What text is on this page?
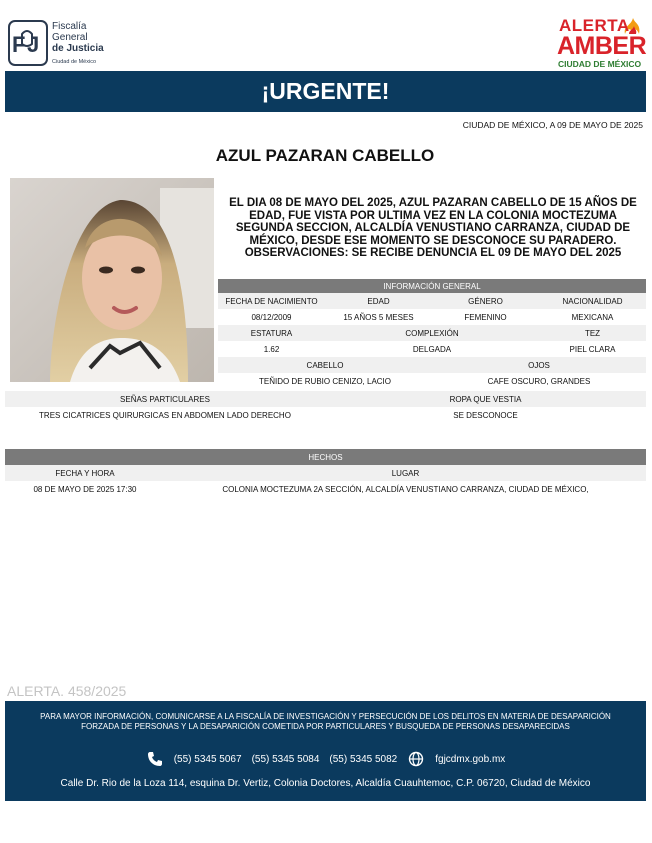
F J
Fiscalía
General
de Justicia
Ciudad de México
ALERTA
AMBER
CIUDAD DE MÉXICO
¡URGENTE!
CIUDAD DE MÉXICO, A 09 DE MAYO DE 2025
AZUL PAZARAN CABELLO
EL DIA 08 DE MAYO DEL 2025, AZUL PAZARAN CABELLO DE 15 AÑOS DE EDAD, FUE VISTA POR ULTIMA VEZ EN LA COLONIA MOCTEZUMA SEGUNDA SECCION, ALCALDÍA VENUSTIANO CARRANZA, CIUDAD DE MÉXICO, DESDE ESE MOMENTO SE DESCONOCE SU PARADERO. OBSERVACIONES: SE RECIBE DENUNCIA EL 09 DE MAYO DEL 2025
INFORMACIÓN GENERAL
FECHA DE NACIMIENTO	EDAD	GÉNERO	NACIONALIDAD
08/12/2009	15 AÑOS 5 MESES	FEMENINO	MEXICANA
ESTATURA	COMPLEXIÓN	TEZ
1.62	DELGADA	PIEL CLARA
CABELLO	OJOS
TEÑIDO DE RUBIO CENIZO, LACIO	CAFE OSCURO, GRANDES
SEÑAS PARTICULARES	ROPA QUE VESTIA
TRES CICATRICES QUIRURGICAS EN ABDOMEN LADO DERECHO	SE DESCONOCE
HECHOS
FECHA Y HORA	LUGAR
08 DE MAYO DE 2025 17:30	COLONIA MOCTEZUMA 2A SECCIÓN, ALCALDÍA VENUSTIANO CARRANZA, CIUDAD DE MÉXICO,
ALERTA. 458/2025
PARA MAYOR INFORMACIÓN, COMUNICARSE A LA FISCALÍA DE INVESTIGACIÓN Y PERSECUCIÓN DE LOS DELITOS EN MATERIA DE DESAPARICIÓN
FORZADA DE PERSONAS Y LA DESAPARICIÓN COMETIDA POR PARTICULARES Y BUSQUEDA DE PERSONAS DESAPARECIDAS
(55) 5345 5067 (55) 5345 5084 (55) 5345 5082	fgjcdmx.gob.mx
Calle Dr. Rio de la Loza 114, esquina Dr. Vertiz, Colonia Doctores, Alcaldía Cuauhtemoc, C.P. 06720, Ciudad de México
